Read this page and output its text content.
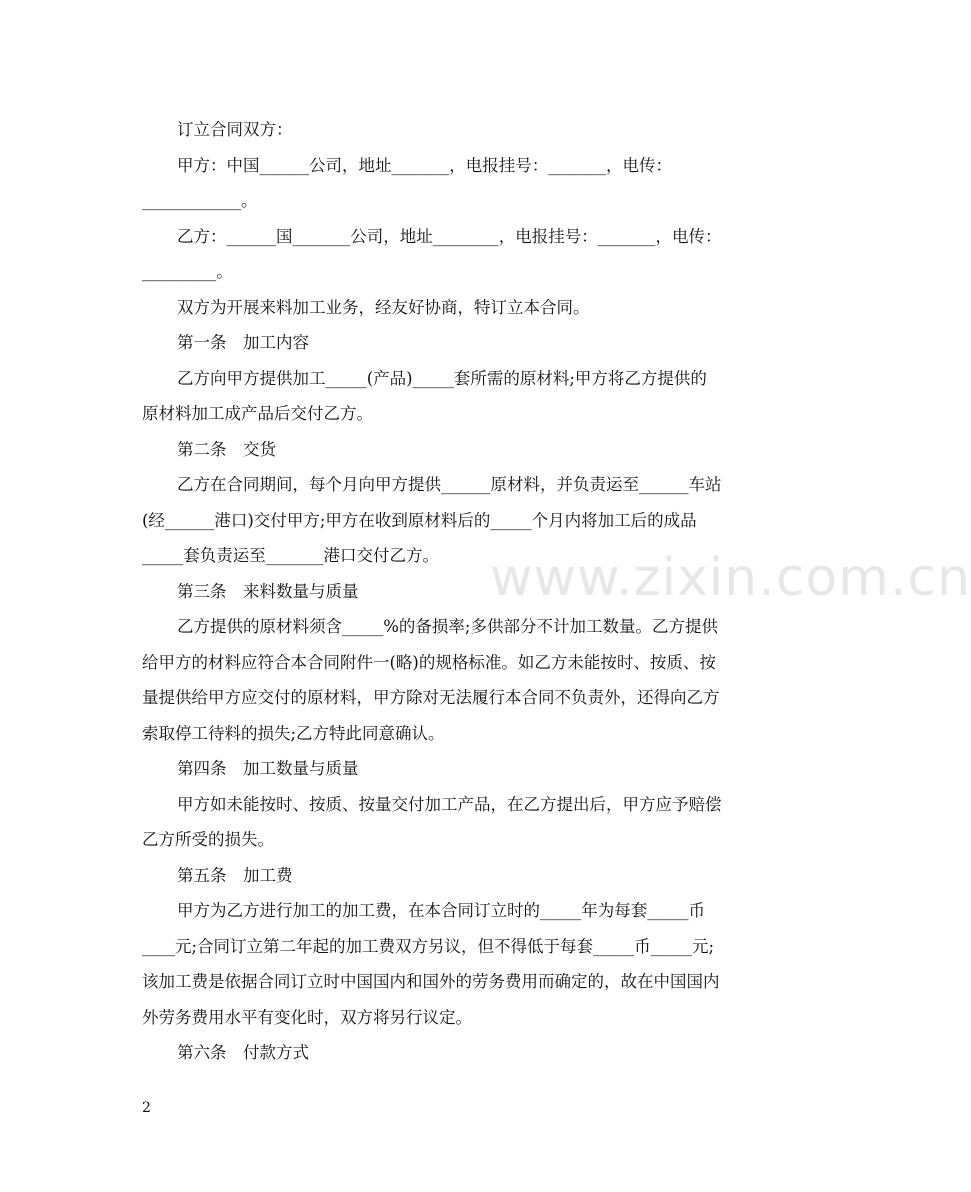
订立合同双方：

甲方：中国______公司，地址_______，电报挂号：_______，电传：

____________。

乙方：______国_______公司，地址________，电报挂号：_______，电传：

_________。

双方为开展来料加工业务，经友好协商，特订立本合同。

第一条　加工内容

乙方向甲方提供加工_____(产品)_____套所需的原材料;甲方将乙方提供的

原材料加工成产品后交付乙方。

第二条　交货

乙方在合同期间，每个月向甲方提供______原材料，并负责运至______车站

(经______港口)交付甲方;甲方在收到原材料后的_____个月内将加工后的成品

_____套负责运至_______港口交付乙方。

第三条　来料数量与质量

乙方提供的原材料须含_____%的备损率;多供部分不计加工数量。乙方提供

给甲方的材料应符合本合同附件一(略)的规格标准。如乙方未能按时、按质、按

量提供给甲方应交付的原材料，甲方除对无法履行本合同不负责外，还得向乙方

索取停工待料的损失;乙方特此同意确认。

第四条　加工数量与质量

甲方如未能按时、按质、按量交付加工产品，在乙方提出后，甲方应予赔偿

乙方所受的损失。

第五条　加工费

甲方为乙方进行加工的加工费，在本合同订立时的_____年为每套_____币

____元;合同订立第二年起的加工费双方另议，但不得低于每套_____币_____元;

该加工费是依据合同订立时中国国内和国外的劳务费用而确定的，故在中国国内

外劳务费用水平有变化时，双方将另行议定。

第六条　付款方式

www.zixin.com.cn
2
